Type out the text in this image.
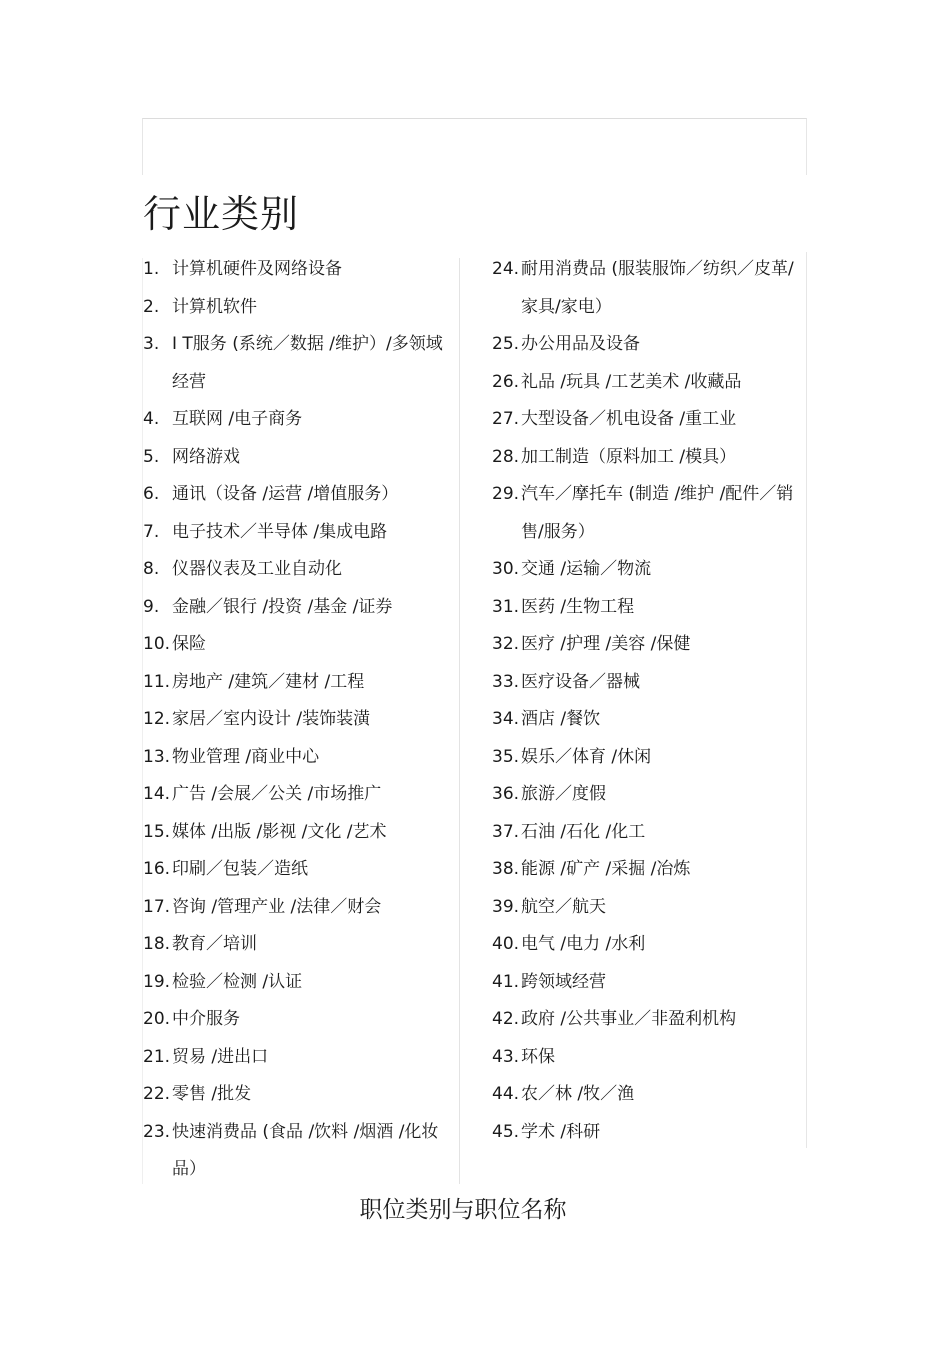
行业类别
1. 计算机硬件及网络设备
2. 计算机软件
3. I T服务 (系统／数据 /维护）/多领域经营
4. 互联网 /电子商务
5. 网络游戏
6. 通讯（设备 /运营 /增值服务）
7. 电子技术／半导体 /集成电路
8. 仪器仪表及工业自动化
9. 金融／银行 /投资 /基金 /证券
10. 保险
11. 房地产 /建筑／建材 /工程
12. 家居／室内设计 /装饰装潢
13. 物业管理 /商业中心
14. 广告 /会展／公关 /市场推广
15. 媒体 /出版 /影视 /文化 /艺术
16. 印刷／包装／造纸
17. 咨询 /管理产业 /法律／财会
18. 教育／培训
19. 检验／检测 /认证
20. 中介服务
21. 贸易 /进出口
22. 零售 /批发
23. 快速消费品 (食品 /饮料 /烟酒 /化妆品）
24. 耐用消费品 (服装服饰／纺织／皮革/家具/家电）
25. 办公用品及设备
26. 礼品 /玩具 /工艺美术 /收藏品
27. 大型设备／机电设备 /重工业
28. 加工制造（原料加工 /模具）
29. 汽车／摩托车 (制造 /维护 /配件／销售/服务）
30. 交通 /运输／物流
31. 医药 /生物工程
32. 医疗 /护理 /美容 /保健
33. 医疗设备／器械
34. 酒店 /餐饮
35. 娱乐／体育 /休闲
36. 旅游／度假
37. 石油 /石化 /化工
38. 能源 /矿产 /采掘 /冶炼
39. 航空／航天
40. 电气 /电力 /水利
41. 跨领域经营
42. 政府 /公共事业／非盈利机构
43. 环保
44. 农／林 /牧／渔
45. 学术 /科研
职位类别与职位名称
